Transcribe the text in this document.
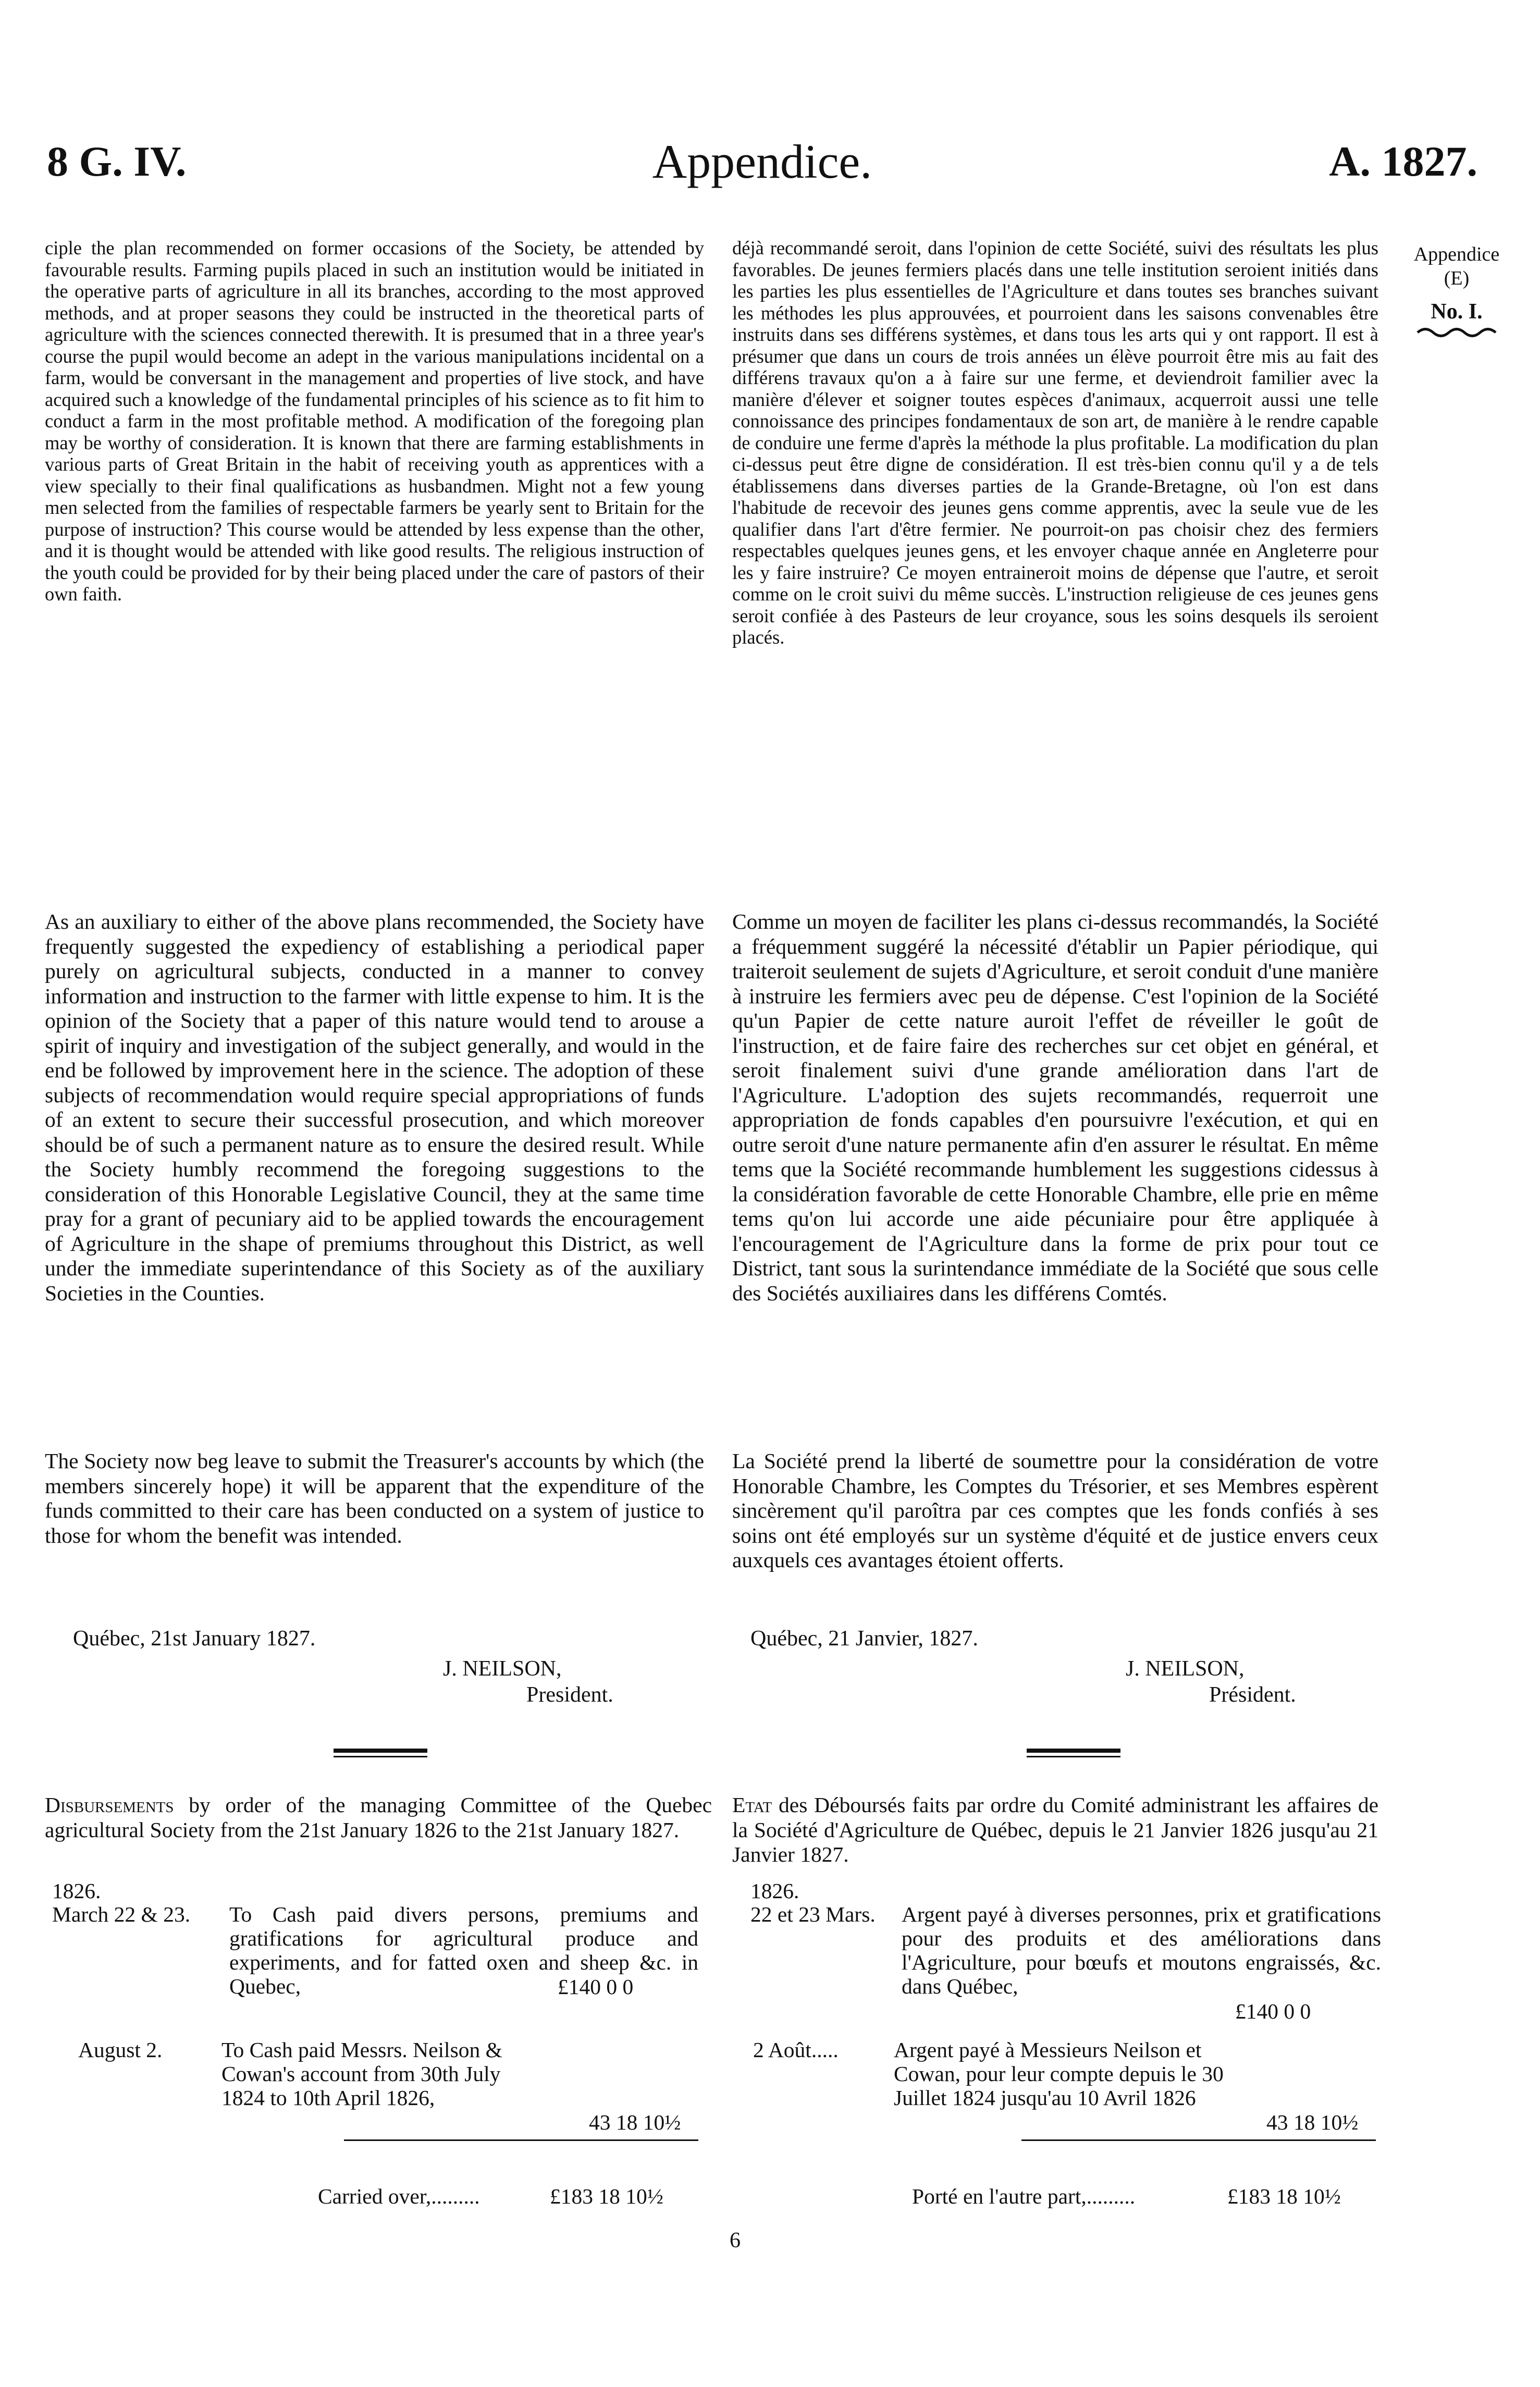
8 G. IV.	Appendice.	A. 1827.
Appendice
(E)
No. I.
ciple the plan recommended on former occasions of the Society, be attended by favourable results. Farming pupils placed in such an institution would be initiated in the operative parts of agriculture in all its branches, according to the most approved methods, and at proper seasons they could be instructed in the theoretical parts of agriculture with the sciences connected therewith. It is presumed that in a three year's course the pupil would become an adept in the various manipulations incidental on a farm, would be conversant in the management and properties of live stock, and have acquired such a knowledge of the fundamental principles of his science as to fit him to conduct a farm in the most profitable method. A modification of the foregoing plan may be worthy of consideration. It is known that there are farming establishments in various parts of Great Britain in the habit of receiving youth as apprentices with a view specially to their final qualifications as husbandmen. Might not a few young men selected from the families of respectable farmers be yearly sent to Britain for the purpose of instruction? This course would be attended by less expense than the other, and it is thought would be attended with like good results. The religious instruction of the youth could be provided for by their being placed under the care of pastors of their own faith.
As an auxiliary to either of the above plans recommended, the Society have frequently suggested the expediency of establishing a periodical paper purely on agricultural subjects, conducted in a manner to convey information and instruction to the farmer with little expense to him. It is the opinion of the Society that a paper of this nature would tend to arouse a spirit of inquiry and investigation of the subject generally, and would in the end be followed by improvement here in the science. The adoption of these subjects of recommendation would require special appropriations of funds of an extent to secure their successful prosecution, and which moreover should be of such a permanent nature as to ensure the desired result. While the Society humbly recommend the foregoing suggestions to the consideration of this Honorable Legislative Council, they at the same time pray for a grant of pecuniary aid to be applied towards the encouragement of Agriculture in the shape of premiums throughout this District, as well under the immediate superintendance of this Society as of the auxiliary Societies in the Counties.
The Society now beg leave to submit the Treasurer's accounts by which (the members sincerely hope) it will be apparent that the expenditure of the funds committed to their care has been conducted on a system of justice to those for whom the benefit was intended.
Québec, 21st January 1827.
J. NEILSON,
President.
Disbursements by order of the managing Committee of the Quebec agricultural Society from the 21st January 1826 to the 21st January 1827.
1826.
March 22 & 23. To Cash paid divers persons, premiums and gratifications for agricultural produce and experiments, and for fatted oxen and sheep &c. in Quebec,	£140 0 0
August 2.	To Cash paid Messrs. Neilson & Cowan's account from 30th July 1824 to 10th April 1826,
43 18 10½
Carried over,.........	£183 18 10½
déjà recommandé seroit, dans l'opinion de cette Société, suivi des résultats les plus favorables. De jeunes fermiers placés dans une telle institution seroient initiés dans les parties les plus essentielles de l'Agriculture et dans toutes ses branches suivant les méthodes les plus approuvées, et pourroient dans les saisons convenables être instruits dans ses différens systèmes, et dans tous les arts qui y ont rapport. Il est à présumer que dans un cours de trois années un élève pourroit être mis au fait des différens travaux qu'on a à faire sur une ferme, et deviendroit familier avec la manière d'élever et soigner toutes espèces d'animaux, acquerroit aussi une telle connoissance des principes fondamentaux de son art, de manière à le rendre capable de conduire une ferme d'après la méthode la plus profitable. La modification du plan ci-dessus peut être digne de considération. Il est très-bien connu qu'il y a de tels établissemens dans diverses parties de la Grande-Bretagne, où l'on est dans l'habitude de recevoir des jeunes gens comme apprentis, avec la seule vue de les qualifier dans l'art d'être fermier. Ne pourroit-on pas choisir chez des fermiers respectables quelques jeunes gens, et les envoyer chaque année en Angleterre pour les y faire instruire? Ce moyen entraineroit moins de dépense que l'autre, et seroit comme on le croit suivi du même succès. L'instruction religieuse de ces jeunes gens seroit confiée à des Pasteurs de leur croyance, sous les soins desquels ils seroient placés.
Comme un moyen de faciliter les plans ci-dessus recommandés, la Société a fréquemment suggéré la nécessité d'établir un Papier périodique, qui traiteroit seulement de sujets d'Agriculture, et seroit conduit d'une manière à instruire les fermiers avec peu de dépense. C'est l'opinion de la Société qu'un Papier de cette nature auroit l'effet de réveiller le goût de l'instruction, et de faire faire des recherches sur cet objet en général, et seroit finalement suivi d'une grande amélioration dans l'art de l'Agriculture. L'adoption des sujets recommandés, requerroit une appropriation de fonds capables d'en poursuivre l'exécution, et qui en outre seroit d'une nature permanente afin d'en assurer le résultat. En même tems que la Société recommande humblement les suggestions cidessus à la considération favorable de cette Honorable Chambre, elle prie en même tems qu'on lui accorde une aide pécuniaire pour être appliquée à l'encouragement de l'Agriculture dans la forme de prix pour tout ce District, tant sous la surintendance immédiate de la Société que sous celle des Sociétés auxiliaires dans les différens Comtés.
La Société prend la liberté de soumettre pour la considération de votre Honorable Chambre, les Comptes du Trésorier, et ses Membres espèrent sincèrement qu'il paroîtra par ces comptes que les fonds confiés à ses soins ont été employés sur un système d'équité et de justice envers ceux auxquels ces avantages étoient offerts.
Québec, 21 Janvier, 1827.
J. NEILSON,
Président.
Etat des Déboursés faits par ordre du Comité administrant les affaires de la Société d'Agriculture de Québec, depuis le 21 Janvier 1826 jusqu'au 21 Janvier 1827.
1826.
22 et 23 Mars. Argent payé à diverses personnes, prix et gratifications pour des produits et des améliorations dans l'Agriculture, pour bœufs et moutons engraissés, &c. dans Québec,
£140 0 0
2 Août.....	Argent payé à Messieurs Neilson et Cowan, pour leur compte depuis le 30 Juillet 1824 jusqu'au 10 Avril 1826
43 18 10½
Porté en l'autre part,.........	£183 18 10½
6
